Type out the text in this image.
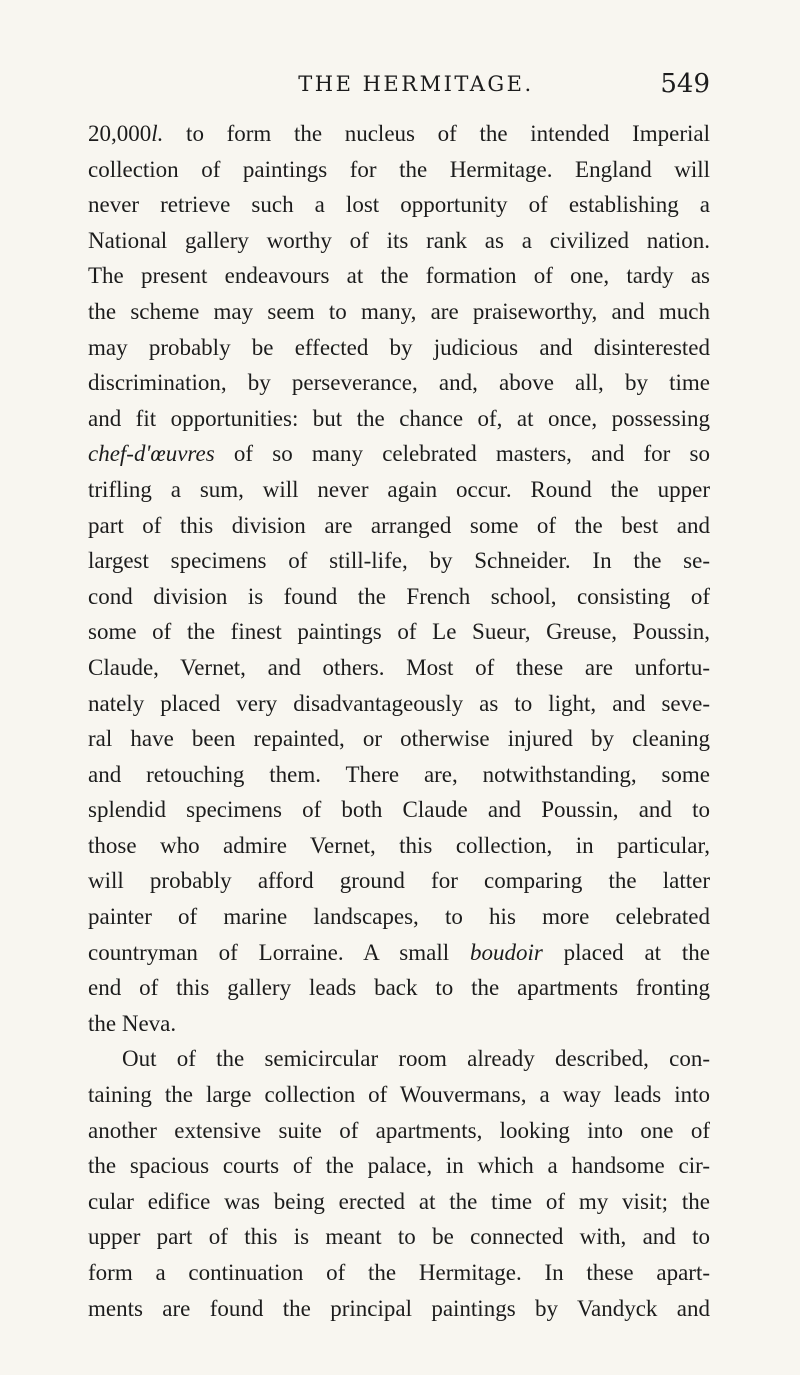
THE HERMITAGE.	549
20,000l. to form the nucleus of the intended Imperial
collection of paintings for the Hermitage. England will
never retrieve such a lost opportunity of establishing a
National gallery worthy of its rank as a civilized nation.
The present endeavours at the formation of one, tardy as
the scheme may seem to many, are praiseworthy, and much
may probably be effected by judicious and disinterested
discrimination, by perseverance, and, above all, by time
and fit opportunities: but the chance of, at once, possessing
chef-d'œuvres of so many celebrated masters, and for so
trifling a sum, will never again occur. Round the upper
part of this division are arranged some of the best and
largest specimens of still-life, by Schneider. In the se-
cond division is found the French school, consisting of
some of the finest paintings of Le Sueur, Greuse, Poussin,
Claude, Vernet, and others. Most of these are unfortu-
nately placed very disadvantageously as to light, and seve-
ral have been repainted, or otherwise injured by cleaning
and retouching them. There are, notwithstanding, some
splendid specimens of both Claude and Poussin, and to
those who admire Vernet, this collection, in particular,
will probably afford ground for comparing the latter
painter of marine landscapes, to his more celebrated
countryman of Lorraine. A small boudoir placed at the
end of this gallery leads back to the apartments fronting
the Neva.
Out of the semicircular room already described, con-
taining the large collection of Wouvermans, a way leads into
another extensive suite of apartments, looking into one of
the spacious courts of the palace, in which a handsome cir-
cular edifice was being erected at the time of my visit; the
upper part of this is meant to be connected with, and to
form a continuation of the Hermitage. In these apart-
ments are found the principal paintings by Vandyck and
